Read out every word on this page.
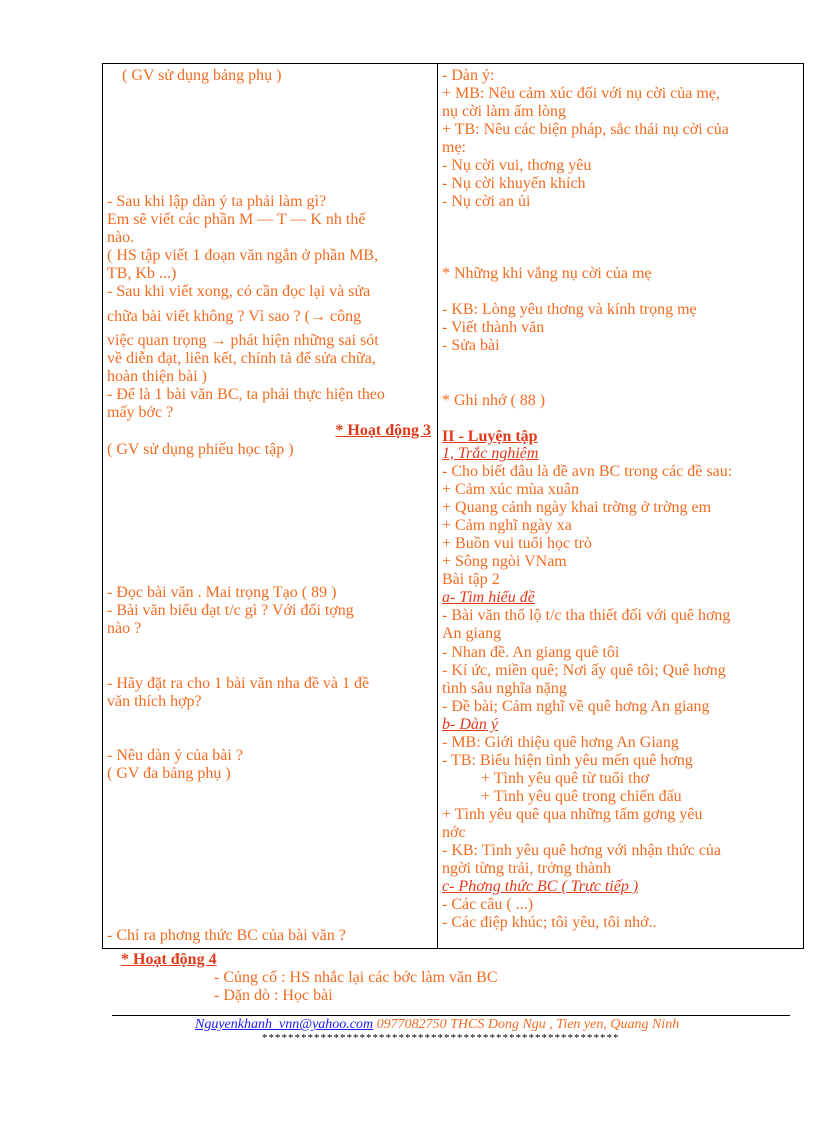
( GV sử dụng bảng phụ )
- Sau khi lập dàn ý ta phải làm gì?
Em sẽ viết các phần M — T — K nh thế
nào.
( HS tập viết 1 đoạn văn ngắn ở phần MB,
TB, Kb ...)
- Sau khi viết xong, có cần đọc lại và sửa
chữa bài viết không ? Vì sao ? (→ công
việc quan trọng → phát hiện những sai sót
về diễn đạt, liên kết, chính tả để sửa chữa,
hoàn thiện bài )
- Để là 1 bài văn BC, ta phải thực hiện theo
mấy bớc ?
* Hoạt động 3
( GV sử dụng phiếu học tập )
- Đọc bài văn . Mai trọng Tạo ( 89 )
- Bài văn biểu đạt t/c gì ? Với đối tợng
nào ?
- Hãy đặt ra cho 1 bài văn nha đề và 1 đề
văn thích hợp?
- Nêu dàn ý của bài ?
( GV đa bảng phụ )
- Chỉ ra phơng thức BC của bài văn ?

- Dàn ý:
+ MB: Nêu cảm xúc đối với nụ cời của mẹ,
nụ cời làm ấm lòng
+ TB: Nêu các biện pháp, sắc thái nụ cời của
mẹ:
- Nụ cời vui, thơng yêu
- Nụ cời khuyến khích
- Nụ cời an ủi
* Những khi vắng nụ cời của mẹ
- KB: Lòng yêu thơng và kính trọng mẹ
- Viết thành văn
- Sửa bài
* Ghi nhớ ( 88 )
II - Luyện tập
1, Trắc nghiệm
- Cho biết đâu là đề avn BC trong các đề sau:
+ Cảm xúc mùa xuân
+ Quang cảnh ngày khai trờng ở trờng em
+ Cảm nghĩ ngày xa
+ Buồn vui tuổi học trò
+ Sông ngòi VNam
Bài tập 2
a- Tìm hiểu đề
- Bài văn thổ lộ t/c tha thiết đối với quê hơng
An giang
- Nhan đề. An giang quê tôi
- Kí ức, miền quê; Nơi ấy quê tôi; Quê hơng
tình sâu nghĩa nặng
- Đề bài; Cảm nghĩ về quê hơng An giang
b- Dàn ý
- MB: Giới thiệu quê hơng An Giang
- TB: Biểu hiện tình yêu mến quê hơng
+ Tình yêu quê từ tuổi thơ
+ Tình yêu quê trong chiến đấu
+ Tình yêu quê qua những tấm gơng yêu
nớc
- KB: Tình yêu quê hơng với nhận thức của
ngời từng trải, trởng thành
c- Phơng thức BC ( Trực tiếp )
- Các câu ( ...)
- Các điệp khúc; tôi yêu, tôi nhớ..
* Hoạt động 4
- Củng cố : HS nhắc lại các bớc làm văn BC
- Dặn dò : Học bài
Nguyenkhanh_vnn@yahoo.com 0977082750 THCS Dong Ngu , Tien yen, Quang Ninh
*******************************************************
